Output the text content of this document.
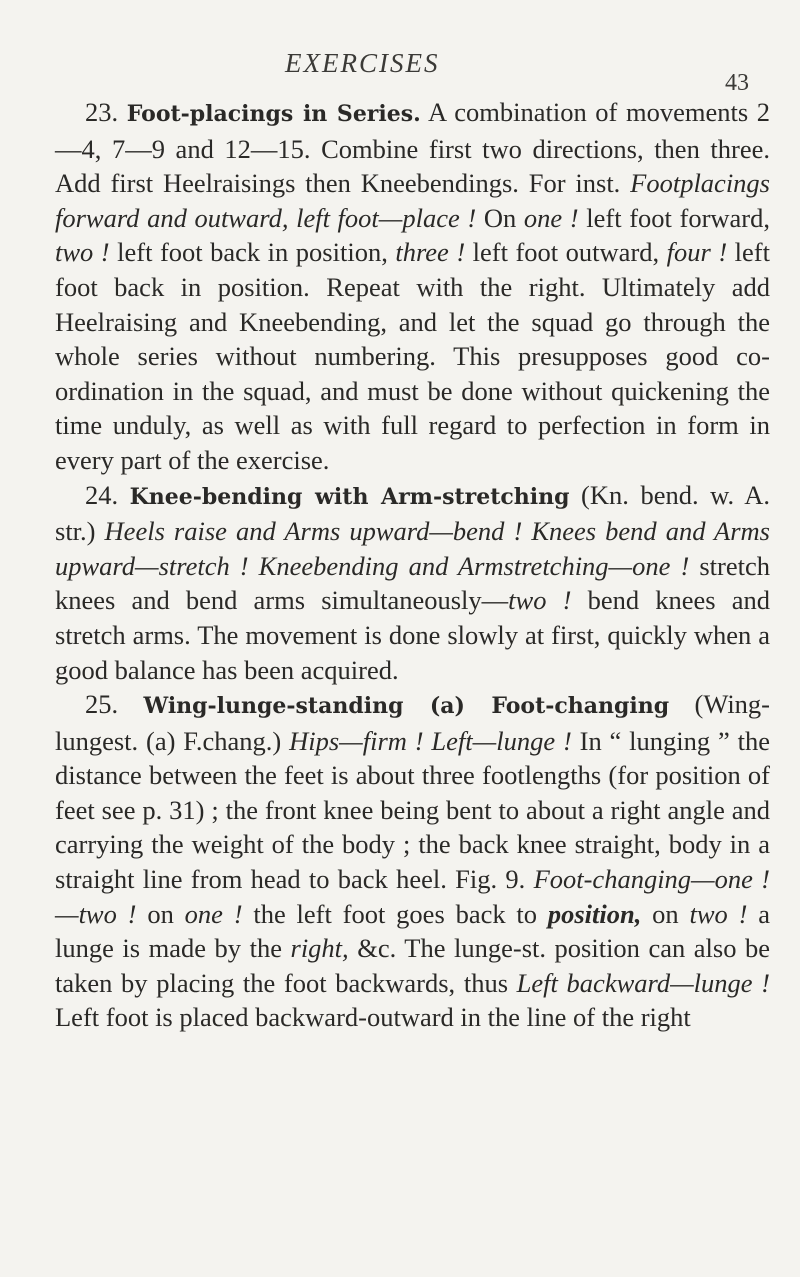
EXERCISES
43

23. Foot-placings in Series. A combination of movements 2—4, 7—9 and 12—15. Combine first two directions, then three. Add first Heelraisings then Kneebendings. For inst. Footplacings forward and outward, left foot—place ! On one ! left foot forward, two ! left foot back in position, three ! left foot outward, four ! left foot back in position. Repeat with the right. Ultimately add Heelraising and Kneebending, and let the squad go through the whole series without numbering. This presupposes good co-ordination in the squad, and must be done without quickening the time unduly, as well as with full regard to perfection in form in every part of the exercise.

24. Knee-bending with Arm-stretching (Kn. bend. w. A. str.) Heels raise and Arms upward—bend ! Knees bend and Arms upward—stretch ! Kneebending and Armstretching—one ! stretch knees and bend arms simultaneously—two ! bend knees and stretch arms. The movement is done slowly at first, quickly when a good balance has been acquired.

25. Wing-lunge-standing (a) Foot-changing (Wing-lungest. (a) F.chang.) Hips—firm ! Left—lunge ! In “ lunging ” the distance between the feet is about three footlengths (for position of feet see p. 31) ; the front knee being bent to about a right angle and carrying the weight of the body ; the back knee straight, body in a straight line from head to back heel. Fig. 9. Foot-changing—one !—two ! on one ! the left foot goes back to position, on two ! a lunge is made by the right, &c. The lunge-st. position can also be taken by placing the foot backwards, thus Left backward—lunge ! Left foot is placed backward-outward in the line of the right
